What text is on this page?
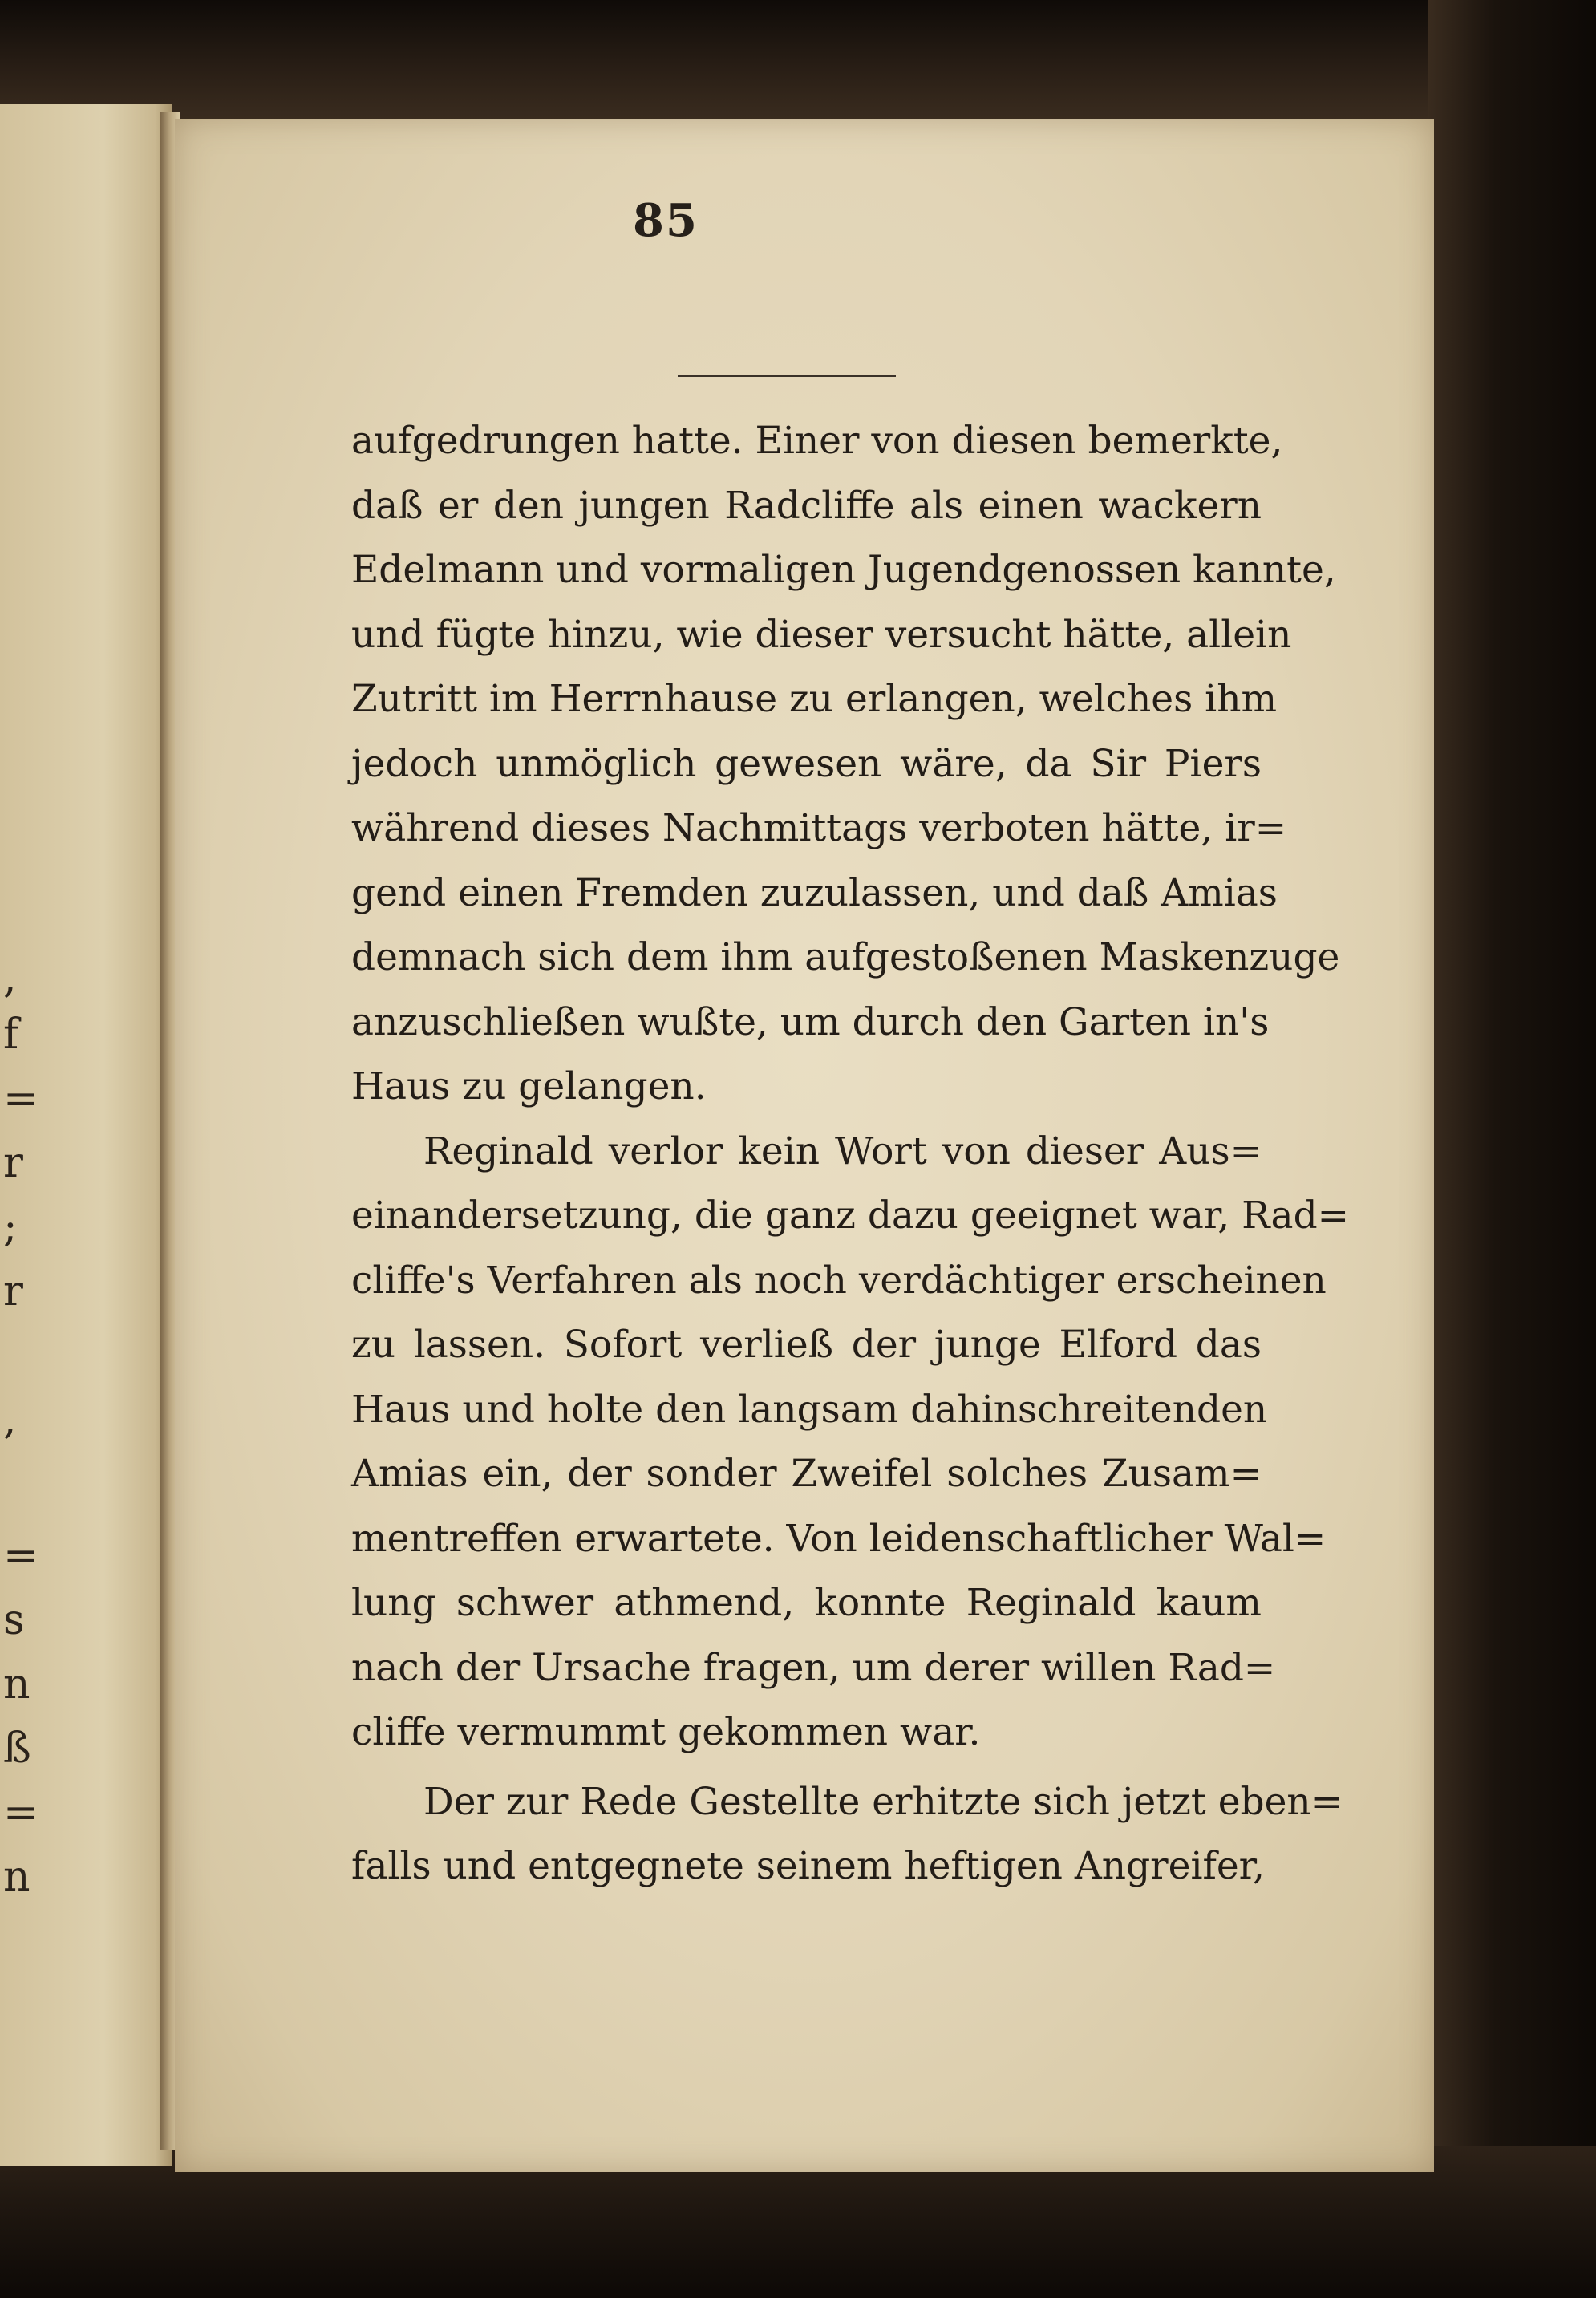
,
f
=
r
;
r
,
=
s
n
ß
=
n
85
aufgedrungen hatte. Einer von diesen bemerkte,
daß er den jungen Radcliffe als einen wackern
Edelmann und vormaligen Jugendgenossen kannte,
und fügte hinzu, wie dieser versucht hätte, allein
Zutritt im Herrnhause zu erlangen, welches ihm
jedoch unmöglich gewesen wäre, da Sir Piers
während dieses Nachmittags verboten hätte, ir=
gend einen Fremden zuzulassen, und daß Amias
demnach sich dem ihm aufgestoßenen Maskenzuge
anzuschließen wußte, um durch den Garten in's
Haus zu gelangen.
Reginald verlor kein Wort von dieser Aus=
einandersetzung, die ganz dazu geeignet war, Rad=
cliffe's Verfahren als noch verdächtiger erscheinen
zu lassen. Sofort verließ der junge Elford das
Haus und holte den langsam dahinschreitenden
Amias ein, der sonder Zweifel solches Zusam=
mentreffen erwartete. Von leidenschaftlicher Wal=
lung schwer athmend, konnte Reginald kaum
nach der Ursache fragen, um derer willen Rad=
cliffe vermummt gekommen war.
Der zur Rede Gestellte erhitzte sich jetzt eben=
falls und entgegnete seinem heftigen Angreifer,
